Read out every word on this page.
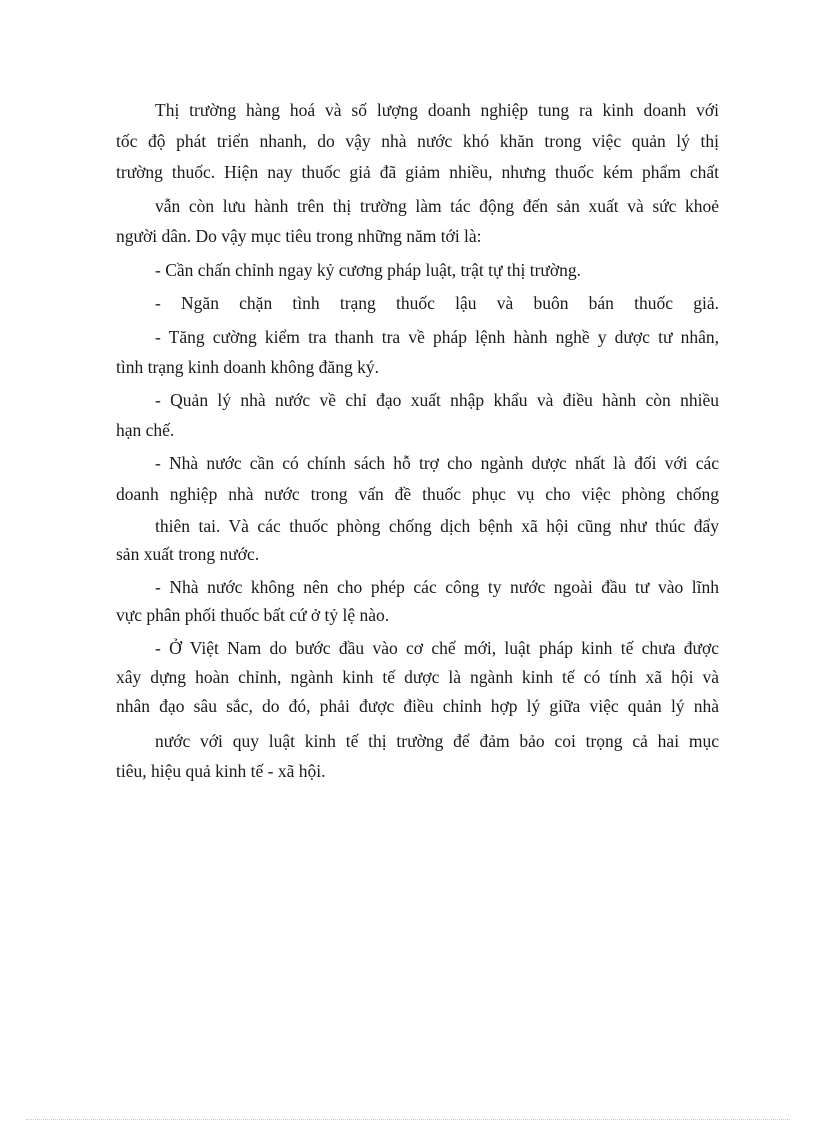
Thị trường hàng hoá và số lượng doanh nghiệp tung ra kinh doanh với
tốc độ phát triển nhanh, do vậy nhà nước khó khăn trong việc quản lý thị
trường thuốc. Hiện nay thuốc giả đã giảm nhiều, nhưng thuốc kém phẩm chất
vẫn còn lưu hành trên thị trường làm tác động đến sản xuất và sức khoẻ
người dân. Do vậy mục tiêu trong những năm tới là:
- Cần chấn chỉnh ngay kỷ cương pháp luật, trật tự thị trường.
- Ngăn chặn tình trạng thuốc lậu và buôn bán thuốc giả.
- Tăng cường kiểm tra thanh tra về pháp lệnh hành nghề y dược tư nhân,
tình trạng kinh doanh không đăng ký.
- Quản lý nhà nước về chỉ đạo xuất nhập khẩu và điều hành còn nhiều
hạn chế.
- Nhà nước cần có chính sách hỗ trợ cho ngành dược nhất là đối với các
doanh nghiệp nhà nước trong vấn đề thuốc phục vụ cho việc phòng chống
thiên tai. Và các thuốc phòng chống dịch bệnh xã hội cũng như thúc đẩy
sản xuất trong nước.
- Nhà nước không nên cho phép các công ty nước ngoài đầu tư vào lĩnh
vực phân phối thuốc bất cứ ở tỷ lệ nào.
- Ở Việt Nam do bước đầu vào cơ chế mới, luật pháp kinh tế chưa được
xây dựng hoàn chỉnh, ngành kinh tế dược là ngành kinh tế có tính xã hội và
nhân đạo sâu sắc, do đó, phải được điều chỉnh hợp lý giữa việc quản lý nhà
nước với quy luật kinh tế thị trường để đảm bảo coi trọng cả hai mục
tiêu, hiệu quả kinh tế - xã hội.
